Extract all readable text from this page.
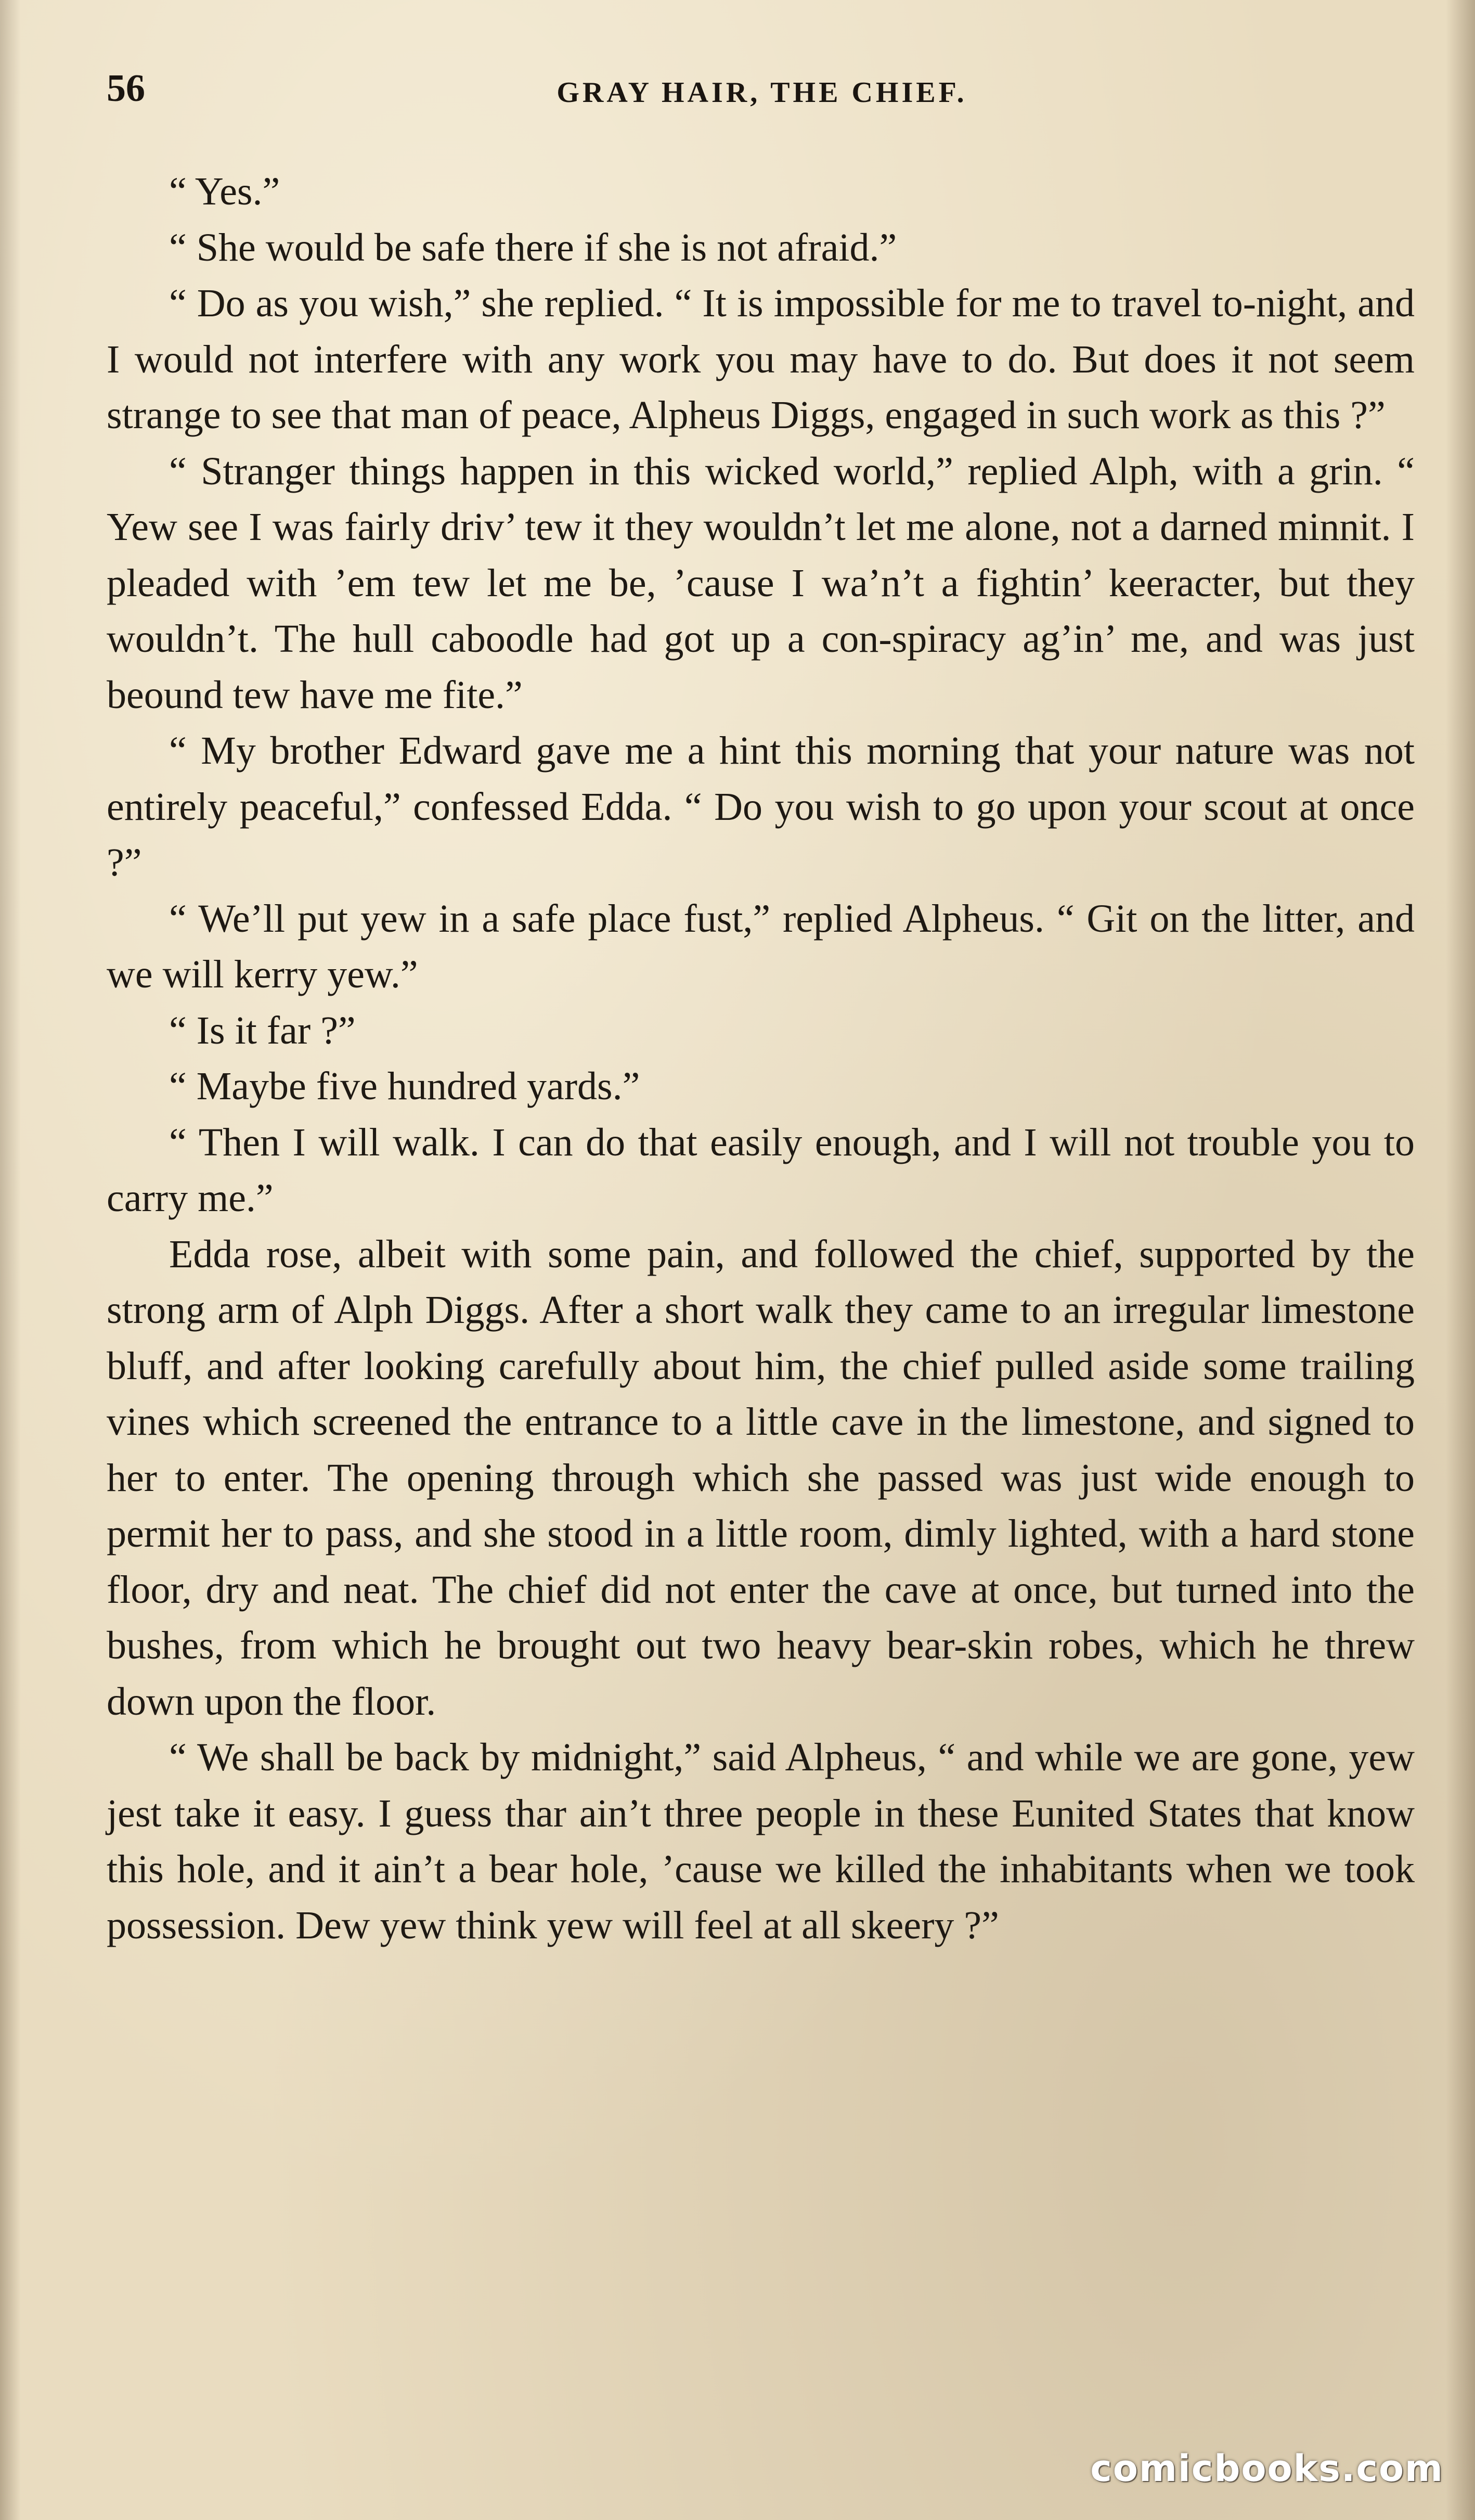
56	GRAY HAIR, THE CHIEF.

“ Yes.”

“ She would be safe there if she is not afraid.”

“ Do as you wish,” she replied. “ It is impossible for me to travel to-night, and I would not interfere with any work you may have to do. But does it not seem strange to see that man of peace, Alpheus Diggs, engaged in such work as this ?”

“ Stranger things happen in this wicked world,” replied Alph, with a grin. “ Yew see I was fairly driv’ tew it they wouldn’t let me alone, not a darned minnit. I pleaded with ’em tew let me be, ’cause I wa’n’t a fightin’ keeracter, but they wouldn’t. The hull caboodle had got up a con-spiracy ag’in’ me, and was just beound tew have me fite.”

“ My brother Edward gave me a hint this morning that your nature was not entirely peaceful,” confessed Edda. “ Do you wish to go upon your scout at once ?”

“ We’ll put yew in a safe place fust,” replied Alpheus. “ Git on the litter, and we will kerry yew.”

“ Is it far ?”

“ Maybe five hundred yards.”

“ Then I will walk. I can do that easily enough, and I will not trouble you to carry me.”

Edda rose, albeit with some pain, and followed the chief, supported by the strong arm of Alph Diggs. After a short walk they came to an irregular limestone bluff, and after looking carefully about him, the chief pulled aside some trailing vines which screened the entrance to a little cave in the limestone, and signed to her to enter. The opening through which she passed was just wide enough to permit her to pass, and she stood in a little room, dimly lighted, with a hard stone floor, dry and neat. The chief did not enter the cave at once, but turned into the bushes, from which he brought out two heavy bear-skin robes, which he threw down upon the floor.

“ We shall be back by midnight,” said Alpheus, “ and while we are gone, yew jest take it easy. I guess thar ain’t three people in these Eunited States that know this hole, and it ain’t a bear hole, ’cause we killed the inhabitants when we took possession. Dew yew think yew will feel at all skeery ?”

comicbooks.com
